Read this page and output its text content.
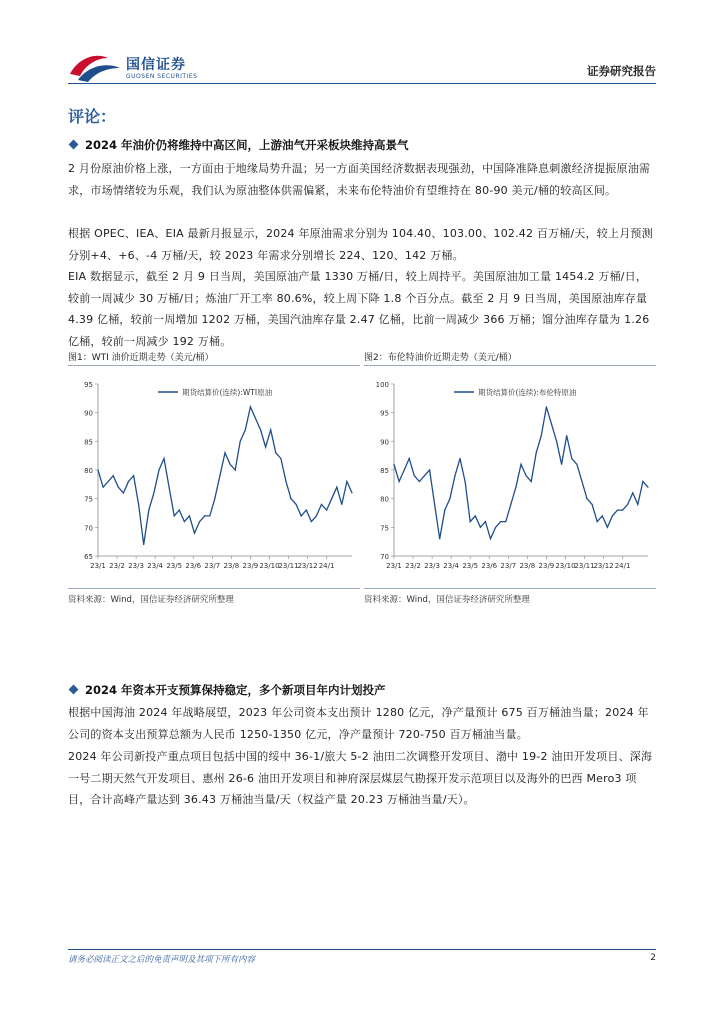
国信证券
GUOSEN SECURITIES	证券研究报告
评论：
2024 年油价仍将维持中高区间，上游油气开采板块维持高景气
2 月份原油价格上涨，一方面由于地缘局势升温；另一方面美国经济数据表现强劲，中国降准降息刺激经济提振原油需求，市场情绪较为乐观，我们认为原油整体供需偏紧，未来布伦特油价有望维持在 80-90 美元/桶的较高区间。
根据 OPEC、IEA、EIA 最新月报显示，2024 年原油需求分别为 104.40、103.00、102.42 百万桶/天，较上月预测分别+4、+6、-4 万桶/天，较 2023 年需求分别增长 224、120、142 万桶。
EIA 数据显示，截至 2 月 9 日当周，美国原油产量 1330 万桶/日，较上周持平。美国原油加工量 1454.2 万桶/日，较前一周减少 30 万桶/日；炼油厂开工率 80.6%，较上周下降 1.8 个百分点。截至 2 月 9 日当周，美国原油库存量 4.39 亿桶，较前一周增加 1202 万桶，美国汽油库存量 2.47 亿桶，比前一周减少 366 万桶；馏分油库存量为 1.26 亿桶，较前一周减少 192 万桶。
图1：WTI 油价近期走势（美元/桶）
65
70
75
80
85
90
95
23/1 23/2 23/3 23/4 23/5 23/6 23/7 23/8 23/9 23/10
23/11
23/12 24/1
期货结算价(连续):WTI原油
资料来源：Wind，国信证券经济研究所整理
图2：布伦特油价近期走势（美元/桶）
70
75
80
85
90
95
100
23/1 23/2 23/3 23/4 23/5 23/6 23/7 23/8 23/9 23/10
23/11
23/12 24/1
期货结算价(连续):布伦特原油
资料来源：Wind，国信证券经济研究所整理
2024 年资本开支预算保持稳定，多个新项目年内计划投产
根据中国海油 2024 年战略展望，2023 年公司资本支出预计 1280 亿元，净产量预计 675 百万桶油当量；2024 年公司的资本支出预算总额为人民币 1250-1350 亿元，净产量预计 720-750 百万桶油当量。
2024 年公司新投产重点项目包括中国的绥中 36-1/旅大 5-2 油田二次调整开发项目、渤中 19-2 油田开发项目、深海一号二期天然气开发项目、惠州 26-6 油田开发项目和神府深层煤层气勘探开发示范项目以及海外的巴西 Mero3 项目，合计高峰产量达到 36.43 万桶油当量/天（权益产量 20.23 万桶油当量/天）。
请务必阅读正文之后的免责声明及其项下所有内容	2
